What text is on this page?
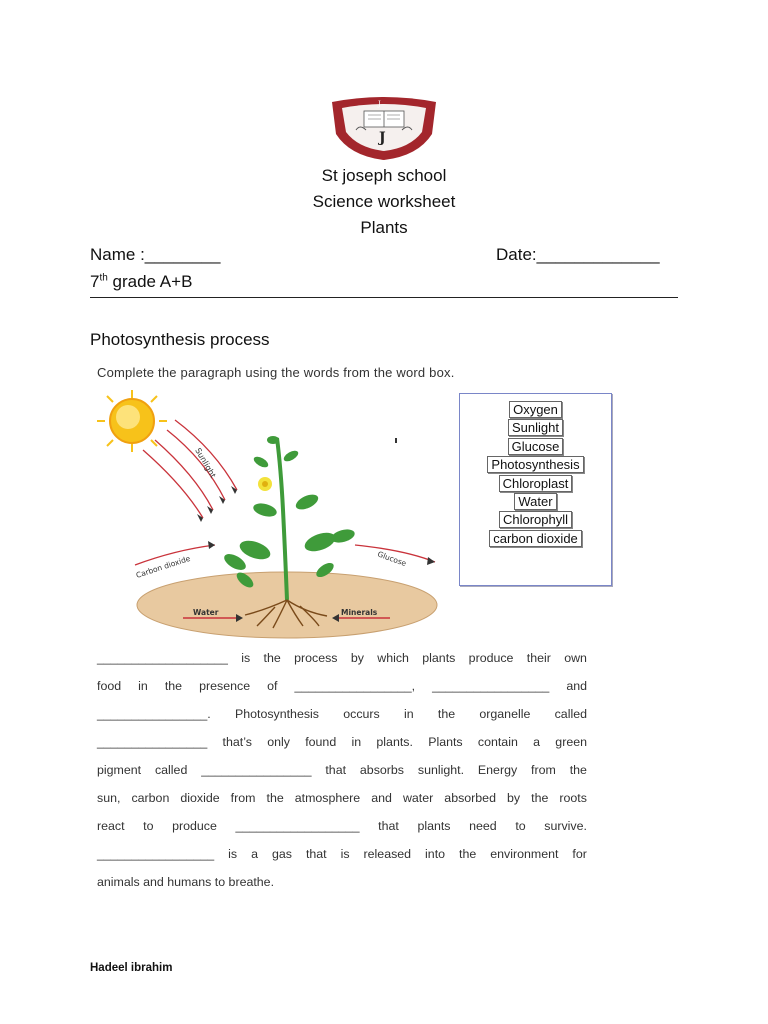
J
J
St joseph school
Science worksheet
Plants
Name :________	Date:_____________
7th grade A+B
Photosynthesis process
Complete the paragraph using the words from the word box.
Sunlight
Carbon dioxide	Glucose
Water	Minerals
Oxygen
Sunlight
Glucose
Photosynthesis
Chloroplast
Water
Chlorophyll
carbon dioxide
___________________ is the process by which plants produce their own
food in the presence of _________________, _________________ and
________________. Photosynthesis occurs in the organelle called
________________ that’s only found in plants. Plants contain a green
pigment called ________________ that absorbs sunlight. Energy from the
sun, carbon dioxide from the atmosphere and water absorbed by the roots
react to produce __________________ that plants need to survive.
_________________ is a gas that is released into the environment for
animals and humans to breathe.
Hadeel ibrahim
